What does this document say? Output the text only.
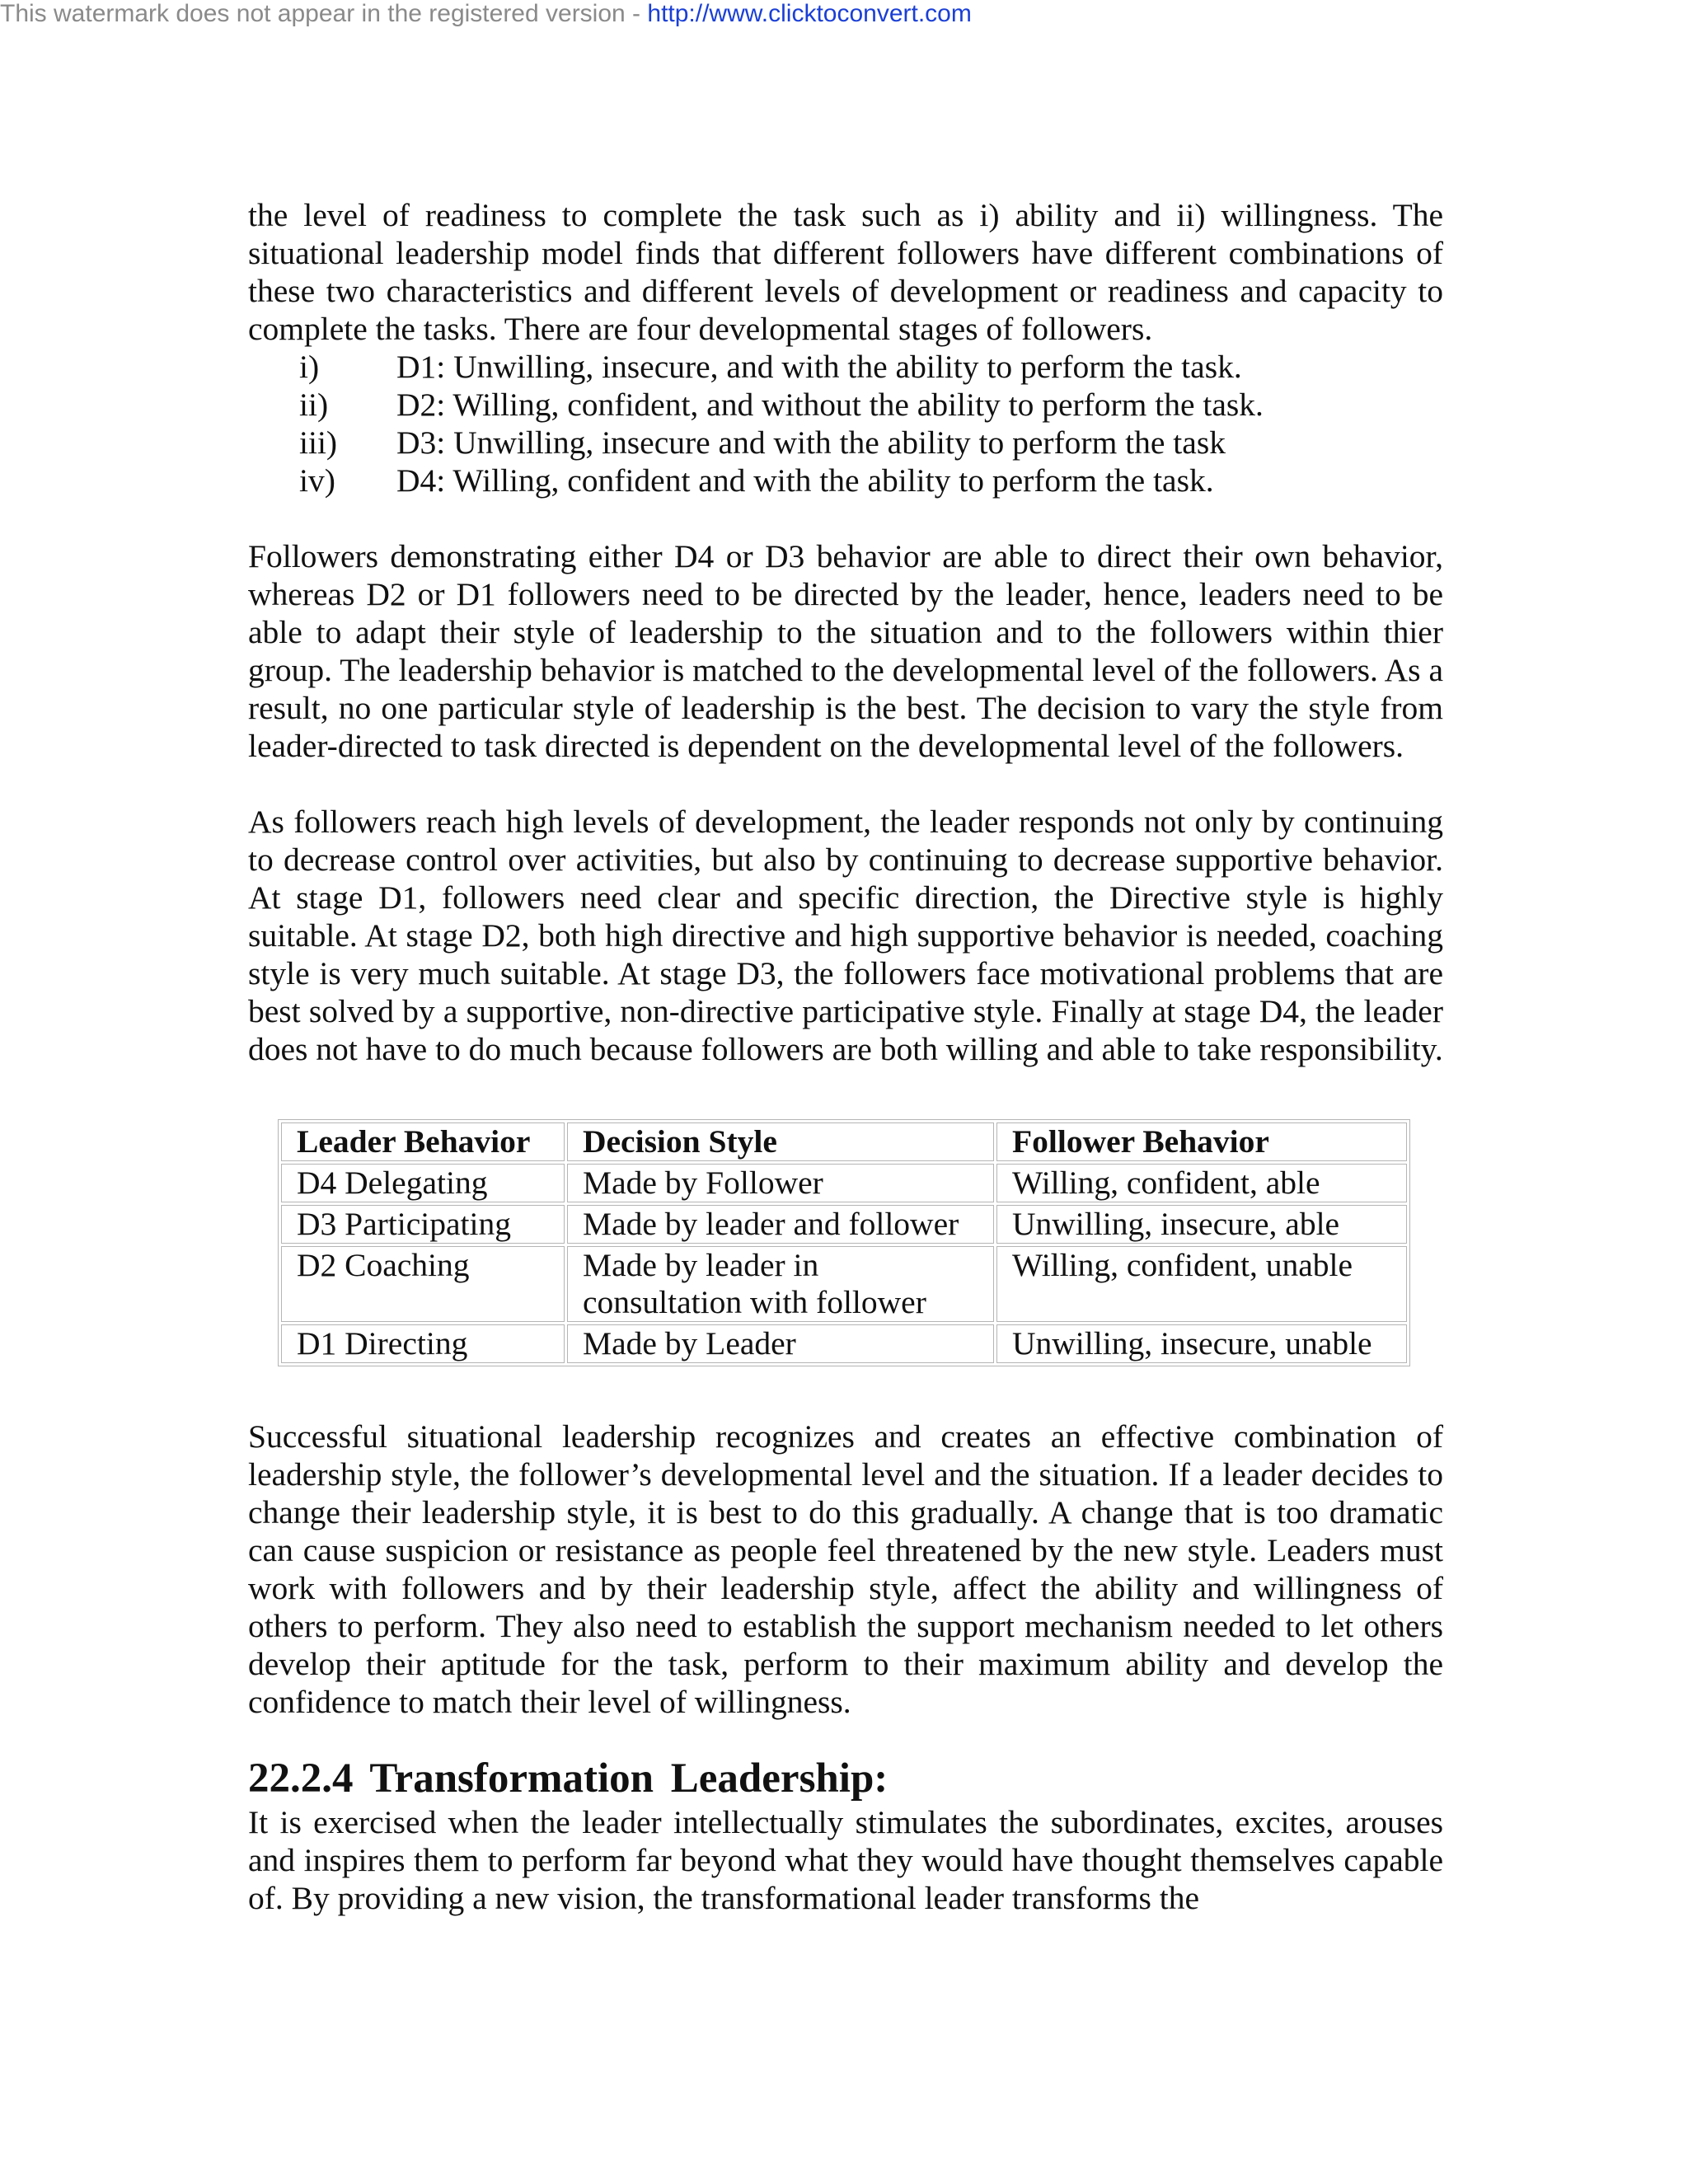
This watermark does not appear in the registered version - http://www.clicktoconvert.com

the level of readiness to complete the task such as i) ability and ii) willingness. The situational leadership model finds that different followers have different combinations of these two characteristics and different levels of development or readiness and capacity to complete the tasks. There are four developmental stages of followers.

i)	D1: Unwilling, insecure, and with the ability to perform the task.
ii)	D2: Willing, confident, and without the ability to perform the task.
iii)	D3: Unwilling, insecure and with the ability to perform the task
iv)	D4: Willing, confident and with the ability to perform the task.

Followers demonstrating either D4 or D3 behavior are able to direct their own behavior, whereas D2 or D1 followers need to be directed by the leader, hence, leaders need to be able to adapt their style of leadership to the situation and to the followers within thier group. The leadership behavior is matched to the developmental level of the followers. As a result, no one particular style of leadership is the best. The decision to vary the style from leader-directed to task directed is dependent on the developmental level of the followers.

As followers reach high levels of development, the leader responds not only by continuing to decrease control over activities, but also by continuing to decrease supportive behavior. At stage D1, followers need clear and specific direction, the Directive style is highly suitable. At stage D2, both high directive and high supportive behavior is needed, coaching style is very much suitable. At stage D3, the followers face motivational problems that are best solved by a supportive, non-directive participative style. Finally at stage D4, the leader does not have to do much because followers are both willing and able to take responsibility.

Leader Behavior	Decision Style	Follower Behavior
D4 Delegating	Made by Follower	Willing, confident, able
D3 Participating	Made by leader and follower	Unwilling, insecure, able
D2 Coaching	Made by leader in consultation with follower	Willing, confident, unable
D1 Directing	Made by Leader	Unwilling, insecure, unable

Successful situational leadership recognizes and creates an effective combination of leadership style, the follower’s developmental level and the situation. If a leader decides to change their leadership style, it is best to do this gradually. A change that is too dramatic can cause suspicion or resistance as people feel threatened by the new style. Leaders must work with followers and by their leadership style, affect the ability and willingness of others to perform. They also need to establish the support mechanism needed to let others develop their aptitude for the task, perform to their maximum ability and develop the confidence to match their level of willingness.

22.2.4 Transformation Leadership:

It is exercised when the leader intellectually stimulates the subordinates, excites, arouses and inspires them to perform far beyond what they would have thought themselves capable of. By providing a new vision, the transformational leader transforms the
